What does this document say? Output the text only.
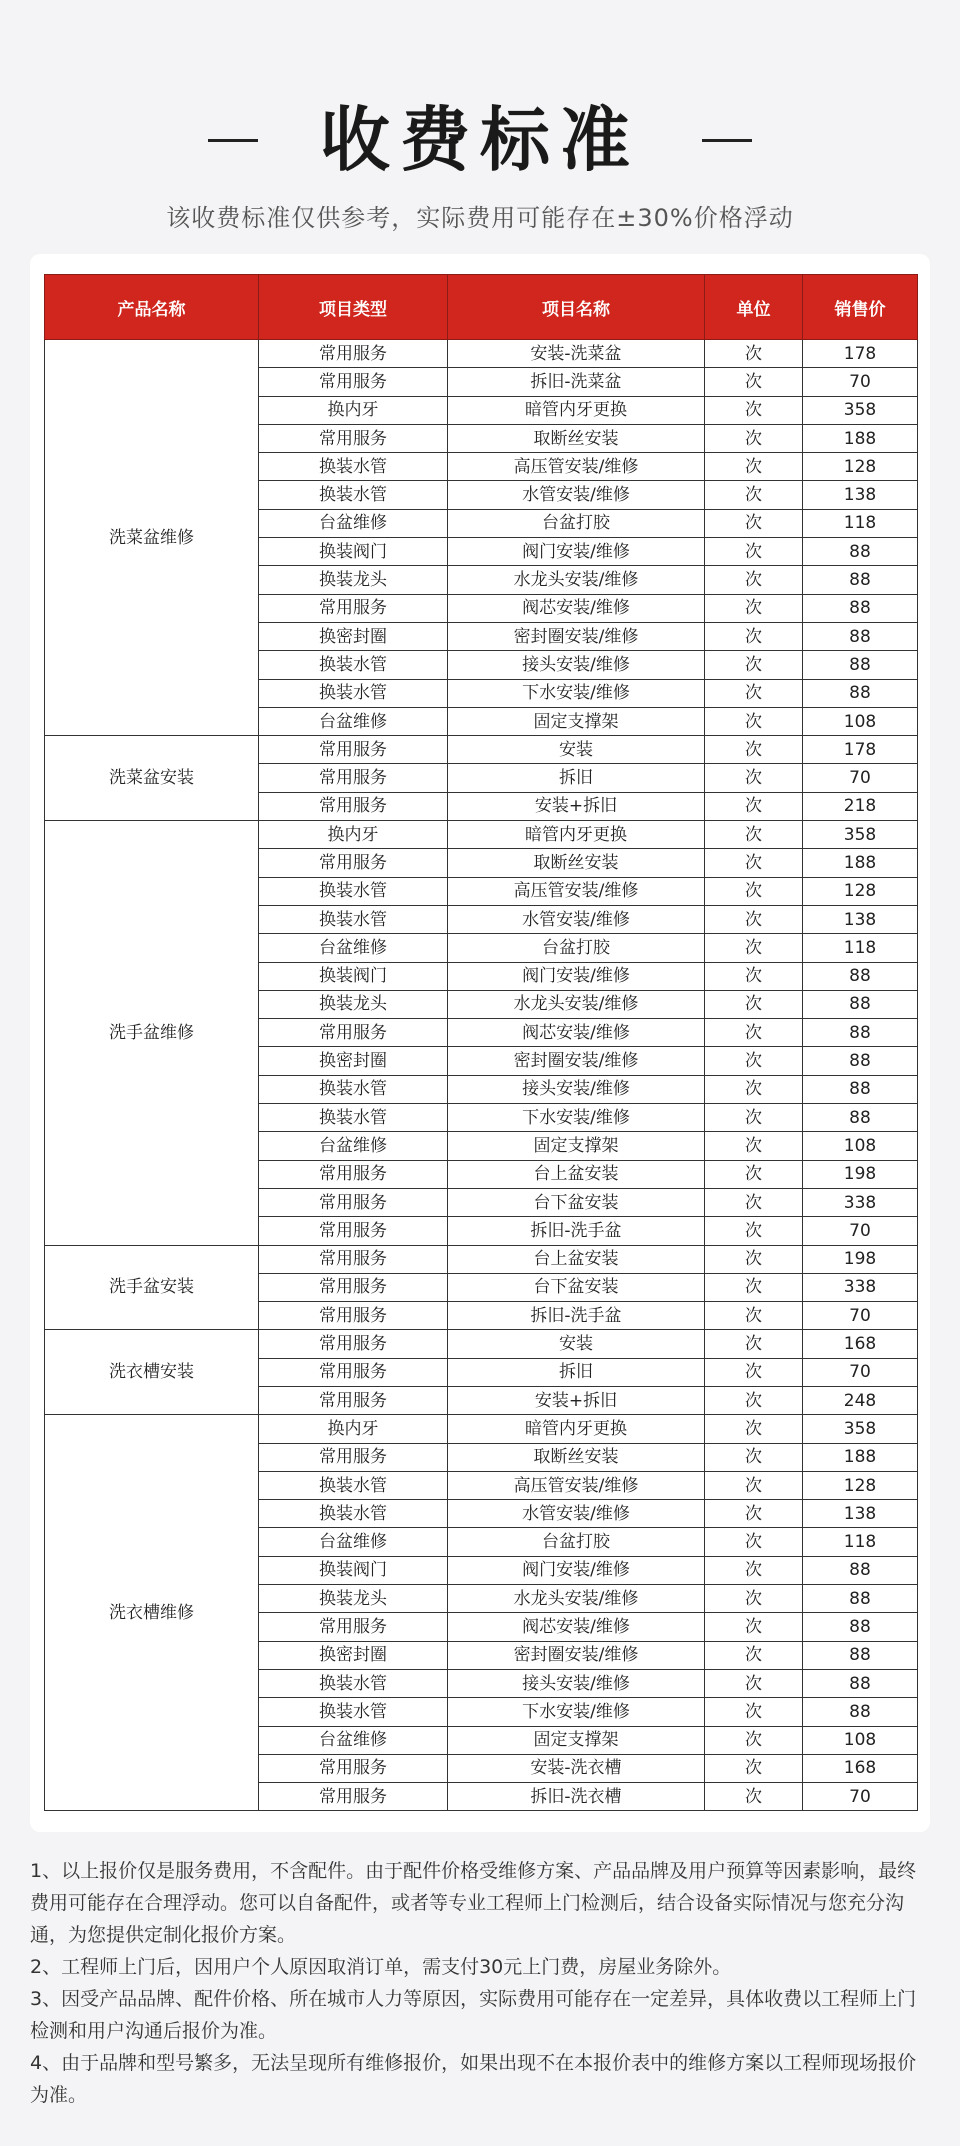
收费标准
该收费标准仅供参考，实际费用可能存在±30%价格浮动
产品名称	项目类型	项目名称	单位	销售价
洗菜盆维修	常用服务	安装-洗菜盆	次	178
	常用服务	拆旧-洗菜盆	次	70
	换内牙	暗管内牙更换	次	358
	常用服务	取断丝安装	次	188
	换装水管	高压管安装/维修	次	128
	换装水管	水管安装/维修	次	138
	台盆维修	台盆打胶	次	118
	换装阀门	阀门安装/维修	次	88
	换装龙头	水龙头安装/维修	次	88
	常用服务	阀芯安装/维修	次	88
	换密封圈	密封圈安装/维修	次	88
	换装水管	接头安装/维修	次	88
	换装水管	下水安装/维修	次	88
	台盆维修	固定支撑架	次	108
洗菜盆安装	常用服务	安装	次	178
	常用服务	拆旧	次	70
	常用服务	安装+拆旧	次	218
洗手盆维修	换内牙	暗管内牙更换	次	358
	常用服务	取断丝安装	次	188
	换装水管	高压管安装/维修	次	128
	换装水管	水管安装/维修	次	138
	台盆维修	台盆打胶	次	118
	换装阀门	阀门安装/维修	次	88
	换装龙头	水龙头安装/维修	次	88
	常用服务	阀芯安装/维修	次	88
	换密封圈	密封圈安装/维修	次	88
	换装水管	接头安装/维修	次	88
	换装水管	下水安装/维修	次	88
	台盆维修	固定支撑架	次	108
	常用服务	台上盆安装	次	198
	常用服务	台下盆安装	次	338
	常用服务	拆旧-洗手盆	次	70
洗手盆安装	常用服务	台上盆安装	次	198
	常用服务	台下盆安装	次	338
	常用服务	拆旧-洗手盆	次	70
洗衣槽安装	常用服务	安装	次	168
	常用服务	拆旧	次	70
	常用服务	安装+拆旧	次	248
洗衣槽维修	换内牙	暗管内牙更换	次	358
	常用服务	取断丝安装	次	188
	换装水管	高压管安装/维修	次	128
	换装水管	水管安装/维修	次	138
	台盆维修	台盆打胶	次	118
	换装阀门	阀门安装/维修	次	88
	换装龙头	水龙头安装/维修	次	88
	常用服务	阀芯安装/维修	次	88
	换密封圈	密封圈安装/维修	次	88
	换装水管	接头安装/维修	次	88
	换装水管	下水安装/维修	次	88
	台盆维修	固定支撑架	次	108
	常用服务	安装-洗衣槽	次	168
	常用服务	拆旧-洗衣槽	次	70

1、以上报价仅是服务费用，不含配件。由于配件价格受维修方案、产品品牌及用户预算等因素影响，最终费用可能存在合理浮动。您可以自备配件，或者等专业工程师上门检测后，结合设备实际情况与您充分沟通，为您提供定制化报价方案。

2、工程师上门后，因用户个人原因取消订单，需支付30元上门费，房屋业务除外。

3、因受产品品牌、配件价格、所在城市人力等原因，实际费用可能存在一定差异，具体收费以工程师上门检测和用户沟通后报价为准。

4、由于品牌和型号繁多，无法呈现所有维修报价，如果出现不在本报价表中的维修方案以工程师现场报价为准。
